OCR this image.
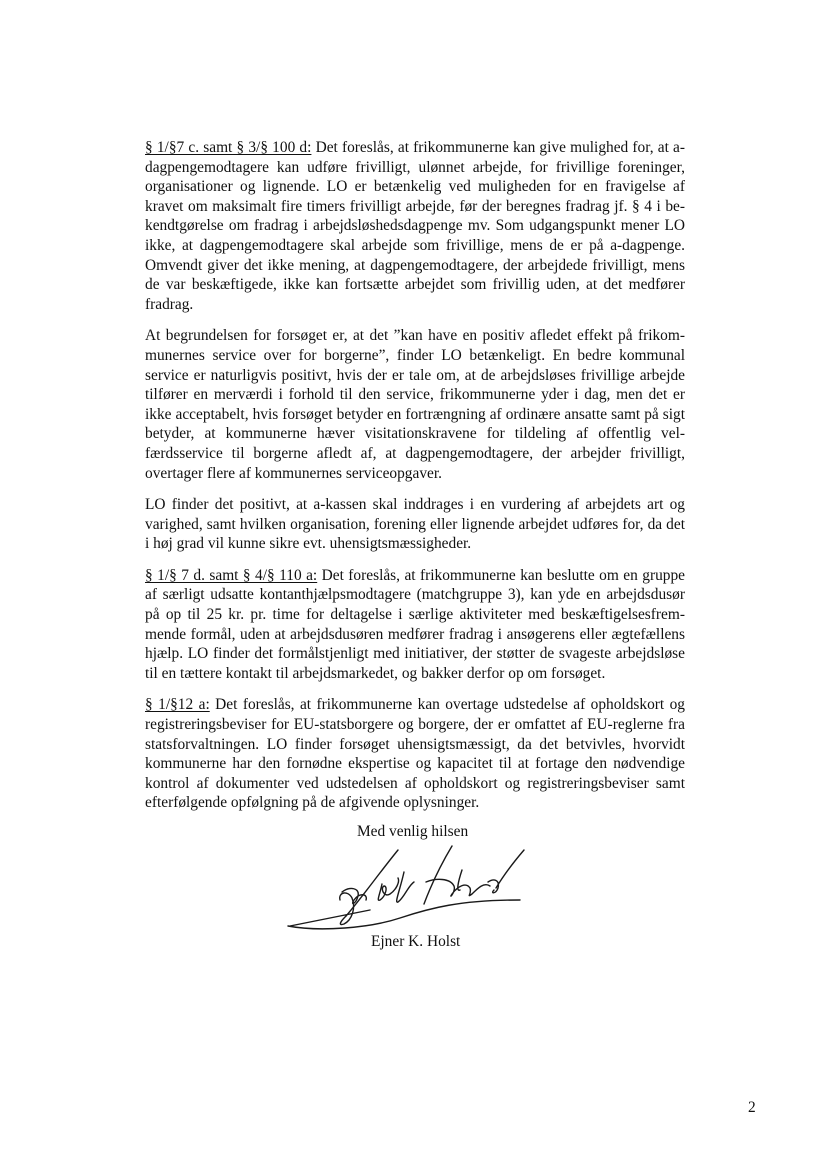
§ 1/§7 c. samt § 3/§ 100 d: Det foreslås, at frikommunerne kan give mulighed for, at a-dagpengemodtagere kan udføre frivilligt, ulønnet arbejde, for frivillige foreninger, organisationer og lignende. LO er betænkelig ved muligheden for en fravigelse af kravet om maksimalt fire timers frivilligt arbejde, før der beregnes fradrag jf. § 4 i bekendtgørelse om fradrag i arbejdsløshedsdagpenge mv. Som udgangspunkt mener LO ikke, at dagpengemodtagere skal arbejde som frivillige, mens de er på a-dagpenge. Omvendt giver det ikke mening, at dagpengemodtagere, der arbejdede frivilligt, mens de var beskæftigede, ikke kan fortsætte arbejdet som frivillig uden, at det medfører fradrag.

At begrundelsen for forsøget er, at det ”kan have en positiv afledet effekt på frikommunernes service over for borgerne”, finder LO betænkeligt. En bedre kommunal service er naturligvis positivt, hvis der er tale om, at de arbejdsløses frivillige arbejde tilfører en merværdi i forhold til den service, frikommunerne yder i dag, men det er ikke acceptabelt, hvis forsøget betyder en fortrængning af ordinære ansatte samt på sigt betyder, at kommunerne hæver visitationskravene for tildeling af offentlig velfærdsservice til borgerne afledt af, at dagpengemodtagere, der arbejder frivilligt, overtager flere af kommunernes serviceopgaver.

LO finder det positivt, at a-kassen skal inddrages i en vurdering af arbejdets art og varighed, samt hvilken organisation, forening eller lignende arbejdet udføres for, da det i høj grad vil kunne sikre evt. uhensigtsmæssigheder.

§ 1/§ 7 d. samt § 4/§ 110 a: Det foreslås, at frikommunerne kan beslutte om en gruppe af særligt udsatte kontanthjælpsmodtagere (matchgruppe 3), kan yde en arbejdsdusør på op til 25 kr. pr. time for deltagelse i særlige aktiviteter med beskæftigelsesfremmende formål, uden at arbejdsdusøren medfører fradrag i ansøgerens eller ægtefællens hjælp. LO finder det formålstjenligt med initiativer, der støtter de svageste arbejdsløse til en tættere kontakt til arbejdsmarkedet, og bakker derfor op om forsøget.

§ 1/§12 a: Det foreslås, at frikommunerne kan overtage udstedelse af opholdskort og registreringsbeviser for EU-statsborgere og borgere, der er omfattet af EU-reglerne fra statsforvaltningen. LO finder forsøget uhensigtsmæssigt, da det betvivles, hvorvidt kommunerne har den fornødne ekspertise og kapacitet til at fortage den nødvendige kontrol af dokumenter ved udstedelsen af opholdskort og registreringsbeviser samt efterfølgende opfølgning på de afgivende oplysninger.

Med venlig hilsen
Ejner K. Holst
2
